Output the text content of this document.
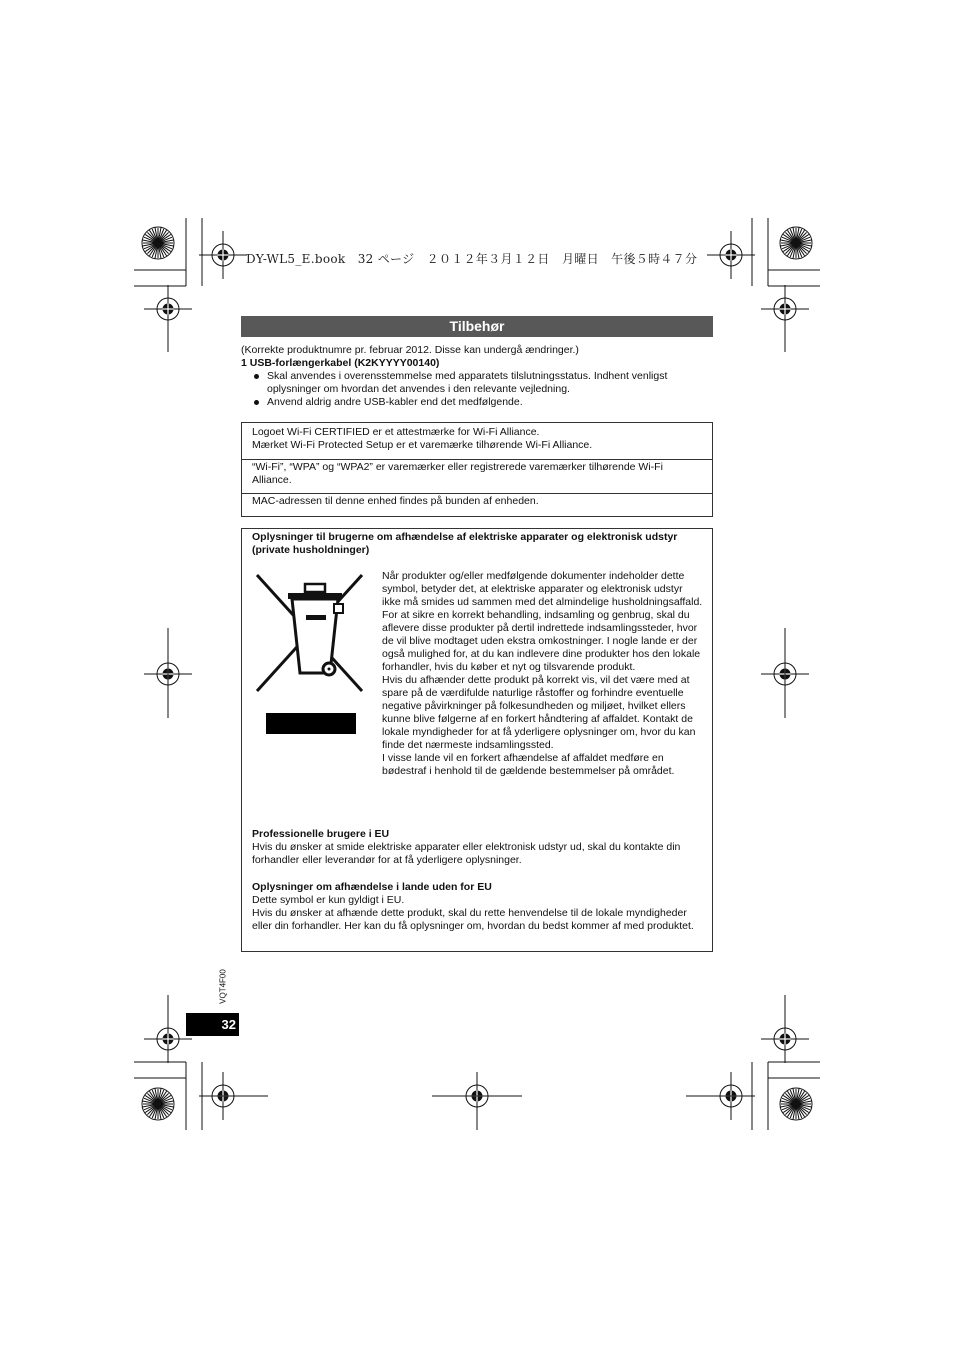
DY-WL5_E.book　32 ページ　２０１２年３月１２日　月曜日　午後５時４７分
Tilbehør
(Korrekte produktnumre pr. februar 2012. Disse kan undergå ændringer.)
1 USB-forlængerkabel (K2KYYYY00140)
Skal anvendes i overensstemmelse med apparatets tilslutningsstatus. Indhent venligst oplysninger om hvordan det anvendes i den relevante vejledning.
Anvend aldrig andre USB-kabler end det medfølgende.
Logoet Wi-Fi CERTIFIED er et attestmærke for Wi-Fi Alliance.
Mærket Wi-Fi Protected Setup er et varemærke tilhørende Wi-Fi Alliance.
“Wi-Fi”, “WPA” og “WPA2” er varemærker eller registrerede varemærker tilhørende Wi-Fi Alliance.
MAC-adressen til denne enhed findes på bunden af enheden.
Oplysninger til brugerne om afhændelse af elektriske apparater og elektronisk udstyr (private husholdninger)
Når produkter og/eller medfølgende dokumenter indeholder dette symbol, betyder det, at elektriske apparater og elektronisk udstyr ikke må smides ud sammen med det almindelige husholdningsaffald.
For at sikre en korrekt behandling, indsamling og genbrug, skal du aflevere disse produkter på dertil indrettede indsamlingssteder, hvor de vil blive modtaget uden ekstra omkostninger. I nogle lande er der også mulighed for, at du kan indlevere dine produkter hos den lokale forhandler, hvis du køber et nyt og tilsvarende produkt.
Hvis du afhænder dette produkt på korrekt vis, vil det være med at spare på de værdifulde naturlige råstoffer og forhindre eventuelle negative påvirkninger på folkesundheden og miljøet, hvilket ellers kunne blive følgerne af en forkert håndtering af affaldet. Kontakt de lokale myndigheder for at få yderligere oplysninger om, hvor du kan finde det nærmeste indsamlingssted.
I visse lande vil en forkert afhændelse af affaldet medføre en bødestraf i henhold til de gældende bestemmelser på området.
Professionelle brugere i EU
Hvis du ønsker at smide elektriske apparater eller elektronisk udstyr ud, skal du kontakte din forhandler eller leverandør for at få yderligere oplysninger.
Oplysninger om afhændelse i lande uden for EU
Dette symbol er kun gyldigt i EU.
Hvis du ønsker at afhænde dette produkt, skal du rette henvendelse til de lokale myndigheder eller din forhandler. Her kan du få oplysninger om, hvordan du bedst kommer af med produktet.
VQT4F00
32
